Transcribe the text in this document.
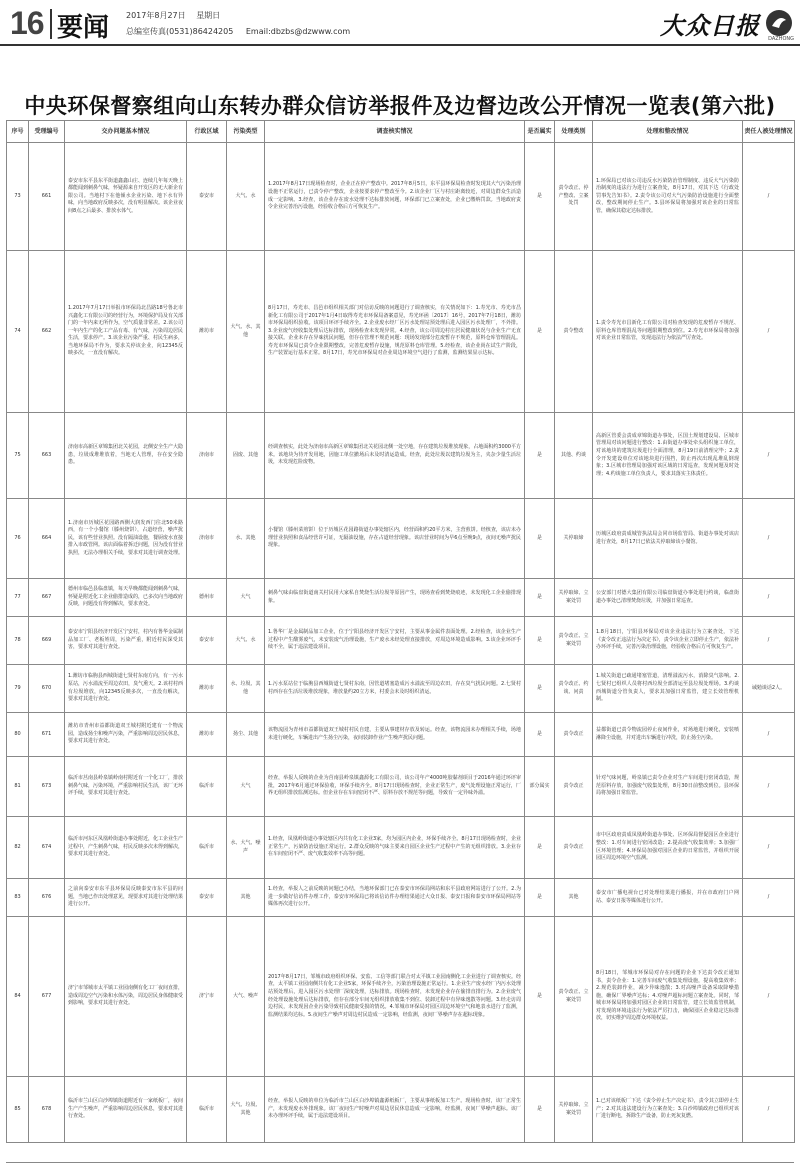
16 要闻 2017年8月27日 星期日
总编室传真(0531)86424205 Email:dbzbs@dzwww.com	大众日报 DAZHONG
中央环保督察组向山东转办群众信访举报件及边督边改公开情况一览表(第六批)
序号	受理编号	交办问题基本情况	行政区域	污染类型	调查核实情况	是否属实	处理类别	处理和整改情况	责任人被处理情况
73	661	泰安市东平县东平街道鑫鑫山庄、连续几年每天晚上都能闻到刺鼻气味，怀疑源来自开发区的无大新企有限公司。当地村下在他倾水企业污染、地下水有异味，向当地政府反映多次，没有明显解决。该企业夜间8点之后最多、排放水体气。	泰安市	大气、水	1.2017年8月17日现场检查时，企业正在停产整改中。2017年8月5日，东平县环保局检查时发现其大气污染治理设施不正常运行，已责令停产整改，企业按要求停产整改至今。2.该企业厂区与村庄距离较近，对周边群众生活造成一定影响。3.经查，该企业存在废水处理不达标排放问题，环保部门已立案查处，企业已缴纳罚款。当地政府责令企业完善治污设施，经验收合格后方可恢复生产。	是	责令改正、停产整改、立案处罚	1.环保局已对该公司违反水污染防治管理制度、违反大气污染防治制度的违法行为进行立案查处，8月17日，对其下达《行政处罚事先告知书》。2.责令该公司对大气污染防治设施进行全面整改，整改期间停止生产。3.县环保局将加强对该企业的日常监管，确保其稳定达标排放。	/
74	662	1.2017年7月17日举报市环保局北昌路18号鲁北市兴鑫化工有限公司的经营行为，环境保护局及有关部门的一年内来无所作为，空气质量非常差。2.该公司一年内生产的化工产品有毒、有气味，污染周边居民生活，要求停产。3.该企业污染严重、村民生病多，当地环保局不作为，要求关停该企业，向12345反映多次，一直没有解决。	潍坊市	大气、水、其他	8月17日，寿光市、昌邑市组织相关部门对信访反映的问题进行了调查核实，有关情况如下：1.寿光市、寿光市昌新化工有限公司于2017年1月4日取得寿光市环保局备案意见，寿光环函〔2017〕16号，2017年7月18日，潍坊市环保局组织验收。该项目环评手续齐全。2.企业废水经厂区污水处理站预处理后进入园区污水处理厂，不外排。3.企业废气经收集处理后达标排放，现场检查未发现异常。4.经查，该公司周边村庄居民健康状况与企业生产无直接关联。企业未存在异味扰民问题，但存在管理不规范问题：现场发现部分危废暂存不规范，原料仓库管理混乱。寿光市环保局已责令企业限期整改，完善危废暂存设施，规范原料仓库管理。5.经检查，该企业尚在试生产阶段，生产装置运行基本正常。8月17日，寿光市环保局对企业周边环境空气进行了监测，监测结果显示达标。	是	责令整改	1.责令寿光市昌新化工有限公司对检查发现的危废暂存不规范、原料仓库管理混乱等问题限期整改到位。2.寿光市环保局将加强对该企业日常监管，发现违法行为依法严厉查处。	/
75	663	济南市高新区章锦集团北关花园，北侧安全生产大隐患，垃圾成堆堆放着，当地无人管理，存在安全隐患。	济南市	固废、其他	经调查核实，此处为济南市高新区章锦集团北关花园北侧一处空地，存在建筑垃圾堆放现象，占地面积约3000平方米。该地块为待开发用地，因施工单位撤场后未及时清运造成。经查，此处垃圾以建筑垃圾为主，夹杂少量生活垃圾，未发现危险废物。	是	其他、约谈	高新区管委会责成章锦街道办事处，区国土规划建设局、区城市管理局对该问题进行整改：1.由街道办事处牵头组织施工单位，对该地块的建筑垃圾进行全面清理，8月19日前清理完毕；2.责令开发建设单位对该地块进行围挡，防止再次出现乱堆乱倒现象；3.区城市管理局加强对该区域的日常巡查，发现问题及时处理；4.约谈施工单位负责人，要求其落实主体责任。	/
76	664	1.济南市历城区花园路西侧大润发西门往北50米路西，有一个小餐馆（滕州烧饼），占道经营，噪声扰民，该有些营业执照。没有隔油设施，餐厨废水直接排入市政管网。该店面临着拆迁问题，因为没有营业执照，无法办理相关手续，要求对其进行调查处理。	济南市	水、其他	小餐馆（滕州菜煎饼）位于历城区花园路街道办事处辖区内，经营面积约20平方米，主营煎饼。经核查，该店未办理营业执照和食品经营许可证，无隔油设施，存在占道经营现象。该店营业时间为早6点至晚9点，夜间无噪声扰民现象。	是	关停取缔	历城区政府责成城管执法局会同市场监管局、街道办事处对该店进行查处，8月17日已依法关停取缔该小餐馆。	/
77	667	德州市临邑县临盘镇，每天早晚都能闻到刺鼻气味，怀疑是附近化工企业偷排造成的，已多次向当地政府反映，问题没有得到解决，要求查处。	德州市	大气	刺鼻气味由临盘街道南关村民用大家私自焚烧生活垃圾等原因产生，现场查看到焚烧痕迹，未发现化工企业偷排现象。	是	关停取缔、立案处罚	公安部门对德大集团有限公司临盘街道办事处进行约谈，临盘街道办事处已清理焚烧垃圾，并加强日常巡查。	/
78	669	泰安市宁阳县经济开发区宁安村，村内有鲁华金属制品加工厂、老板姓周，污染严重，附近村民深受其害，要求对其进行查处。	泰安市	大气、水	1.鲁华厂是金属制品加工企业，位于宁阳县经济开发区宁安村，主要从事金属件表面处理。2.经检查，该企业生产过程中产生酸雾废气，未安装废气治理设施，生产废水未经处理直接排放，对周边环境造成影响。3.该企业环评手续不全，属于违法建设项目。	是	责令改正、立案处罚	1.8月18日，宁阳县环保局对该企业违法行为立案查处，下达《责令改正违法行为决定书》，责令该企业立即停止生产，依法补办环评手续，完善污染治理设施，经验收合格后方可恢复生产。	/
79	670	1.潍坊市临朐县西城街道七贤村东南方向，有一污水泵站，污水溢流至周边农田，臭气熏天。2.该村村西有垃圾堆放，向12345反映多次，一直没有解决，要求对其进行查处。	潍坊市	水、垃圾、其他	1.污水泵站位于临朐县西城街道七贤村东南，因管道堵塞造成污水溢流至周边农田，存在臭气扰民问题。2.七贤村村西存在生活垃圾堆放现象，堆放量约20立方米，村委会未及时组织清运。	是	责令改正、约谈、问责	1.城关街道已疏通堵塞管道，清理溢流污水，消除臭气影响。2.七贤村已组织人员将村西垃圾全部清运至县垃圾处理场。3.约谈西城街道分管负责人，要求其加强日常监管，建立长效管理机制。	诫勉谈话2人。
80	671	潍坊市青州市益都街道双王城村附近建有一个物流园，造成扬尘和噪声污染，严重影响周边居民休息，要求对其进行查处。	潍坊市	扬尘、其他	该物流园为青州市益都街道双王城村村民自建，主要从事建材存放及转运。经查，该物流园未办理相关手续，场地未进行硬化，车辆进出产生扬尘污染，夜间装卸作业产生噪声扰民问题。	是	责令改正	益都街道已责令物流园停止夜间作业，对场地进行硬化，安装喷淋降尘设施，并对进出车辆进行冲洗，防止扬尘污染。	/
81	673	临沂市莒南县岭泉镇岭南村附近有一个化工厂，排放刺鼻气味，污染环境，严重影响村民生活，该厂无环评手续，要求对其进行查处。	临沂市	大气	经查，举报人反映的企业为莒南县岭泉镇鑫源化工有限公司，该公司年产4000吨胶黏剂项目于2016年通过环评审批，2017年6月通过环保验收，环保手续齐全。8月17日现场检查时，企业正常生产，废气处理设施正常运行，厂界无组织排放监测达标。但企业存在车间密闭不严、原料存放不规范等问题，导致有一定异味外溢。	部分属实	责令改正	针对气味问题，岭泉镇已责令企业对生产车间进行密闭改造，规范原料存放，加强废气收集处理，8月30日前整改到位。县环保局将加强日常监管。	/
82	674	临沂市河东区凤凰岭街道办事处附近，化工企业生产过程中，产生刺鼻气味，村民反映多次未得到解决，要求对其进行查处。	临沂市	水、大气、噪声	1.经查，凤凰岭街道办事处辖区内共有化工企业3家，均为园区内企业，环保手续齐全。8月17日现场检查时，企业正常生产，污染防治设施正常运行。2.群众反映的气味主要来自园区企业生产过程中产生的无组织排放。3.企业存在车间密闭不严、废气收集效率不高等问题。	是	责令改正	市中区政府责成凤凰岭街道办事处、区环保局督促园区企业进行整改：1.对车间进行密闭改造；2.提高废气收集效率；3.加强厂区环境管理；4.环保局加强对园区企业的日常监管，并组织开展园区周边环境空气监测。	/
83	676	之前向泰安市东平县环保局反映泰安市东平县的问题，当地已作出处理意见，现要求对其进行处理结果进行公开。	泰安市	其他	1.经查，举报人之前反映的问题已办结，当地环保部门已在泰安市环保局网站和东平县政府网站进行了公开。2.为进一步做好信访件办理工作，泰安市环保局已将该信访件办理结果通过大众日报、泰安日报和泰安市环保局网站等媒体再次进行公开。	是	其他	泰安市广播电视台已对处理结果进行播报，并在市政府门户网站、泰安日报等媒体进行公开。	/
84	677	济宁市邹城市太平镇工业园南侧有化工厂夜间直排，造成周边空气污染和水体污染，周边居民身体健康受到影响，要求对其进行查处。	济宁市	大气、噪声	2017年8月17日，邹城市政府组织环保、安监、工信等部门联合对太平镇工业园南侧化工企业进行了调查核实。经查，太平镇工业园南侧共有化工企业5家，环保手续齐全，污染治理设施正常运行。1.企业生产废水经厂内污水处理站预处理后，进入园区污水处理厂深度处理，达标排放。现场检查时，未发现企业存在偷排直排行为。2.企业废气经处理设施处理后达标排放，但存在部分车间无组织排放收集不到位、装卸过程中有异味逸散等问题。3.经走访周边村民，未发现因企业污染导致村民健康受损的情况。4.邹城市环保局对园区周边环境空气和地表水进行了监测，监测结果均达标。5.夜间生产噪声对周边村民造成一定影响，经监测，夜间厂界噪声存在超标现象。	是	责令改正、立案处罚	8月18日，邹城市环保局对存在问题的企业下达责令改正通知书，责令企业：1.完善车间废气收集处理设施，提高收集效率；2.规范装卸作业，减少异味逸散；3.对高噪声设备采取降噪措施，确保厂界噪声达标；4.对噪声超标问题立案查处。同时，邹城市环保局将加强对园区企业的日常监管，建立长效监管机制，对发现的环境违法行为依法严厉打击，确保园区企业稳定达标排放，切实维护周边群众环境权益。	/
85	678	临沂市兰山区白沙埠镇街道附近有一家纸板厂，夜间生产产生噪声，严重影响周边居民休息，要求对其进行查处。	临沂市	大气、垃圾、其他	经查，举报人反映的单位为临沂市兰山区白沙埠镇鑫源纸板厂，主要从事纸板加工生产。现场检查时，该厂正常生产，未发现废水外排现象。该厂夜间生产时噪声对周边居民休息造成一定影响，经监测，夜间厂界噪声超标。该厂未办理环评手续，属于违法建设项目。	是	关停取缔、立案处罚	1.已对该纸板厂下达《责令停止生产决定书》，责令其立即停止生产；2.对其违法建设行为立案查处；3.白沙埠镇政府已组织对该厂进行断电，拆除生产设备，防止死灰复燃。	/
